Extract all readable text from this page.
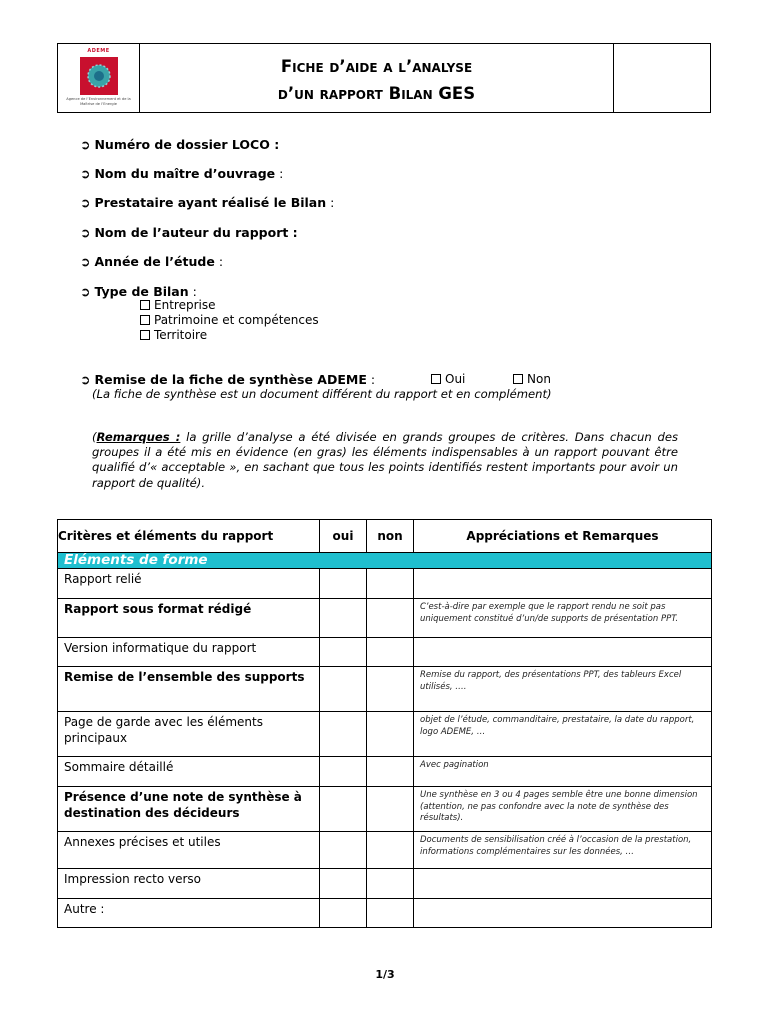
ADEME
Agence de l’Environnement et de la Maîtrise de l’Energie
Fiche d’aide a l’analyse
d’un rapport Bilan GES
➲ Numéro de dossier LOCO :
➲ Nom du maître d’ouvrage :
➲ Prestataire ayant réalisé le Bilan :
➲ Nom de l’auteur du rapport :
➲ Année de l’étude :
➲ Type de Bilan :
Entreprise
Patrimoine et compétences
Territoire
➲ Remise de la fiche de synthèse ADEME :	Oui	Non
(La fiche de synthèse est un document différent du rapport et en complément)
(Remarques : la grille d’analyse a été divisée en grands groupes de critères. Dans chacun des groupes il a été mis en évidence (en gras) les éléments indispensables à un rapport pouvant être qualifié d’« acceptable », en sachant que tous les points identifiés restent importants pour avoir un rapport de qualité).
Critères et éléments du rapport	oui	non	Appréciations et Remarques

Eléments de forme			

Rapport relié			
Rapport sous format rédigé			C’est-à-dire par exemple que le rapport rendu ne soit pas uniquement constitué d’un/de supports de présentation PPT.
Version informatique du rapport			
Remise de l’ensemble des supports			Remise du rapport, des présentations PPT, des tableurs Excel utilisés, ….
Page de garde avec les éléments principaux			objet de l’étude, commanditaire, prestataire, la date du rapport, logo ADEME, …
Sommaire détaillé			Avec pagination
Présence d’une note de synthèse à destination des décideurs			Une synthèse en 3 ou 4 pages semble être une bonne dimension (attention, ne pas confondre avec la note de synthèse des résultats).
Annexes précises et utiles			Documents de sensibilisation créé à l’occasion de la prestation, informations complémentaires sur les données, …
Impression recto verso			
Autre :			
1/3
